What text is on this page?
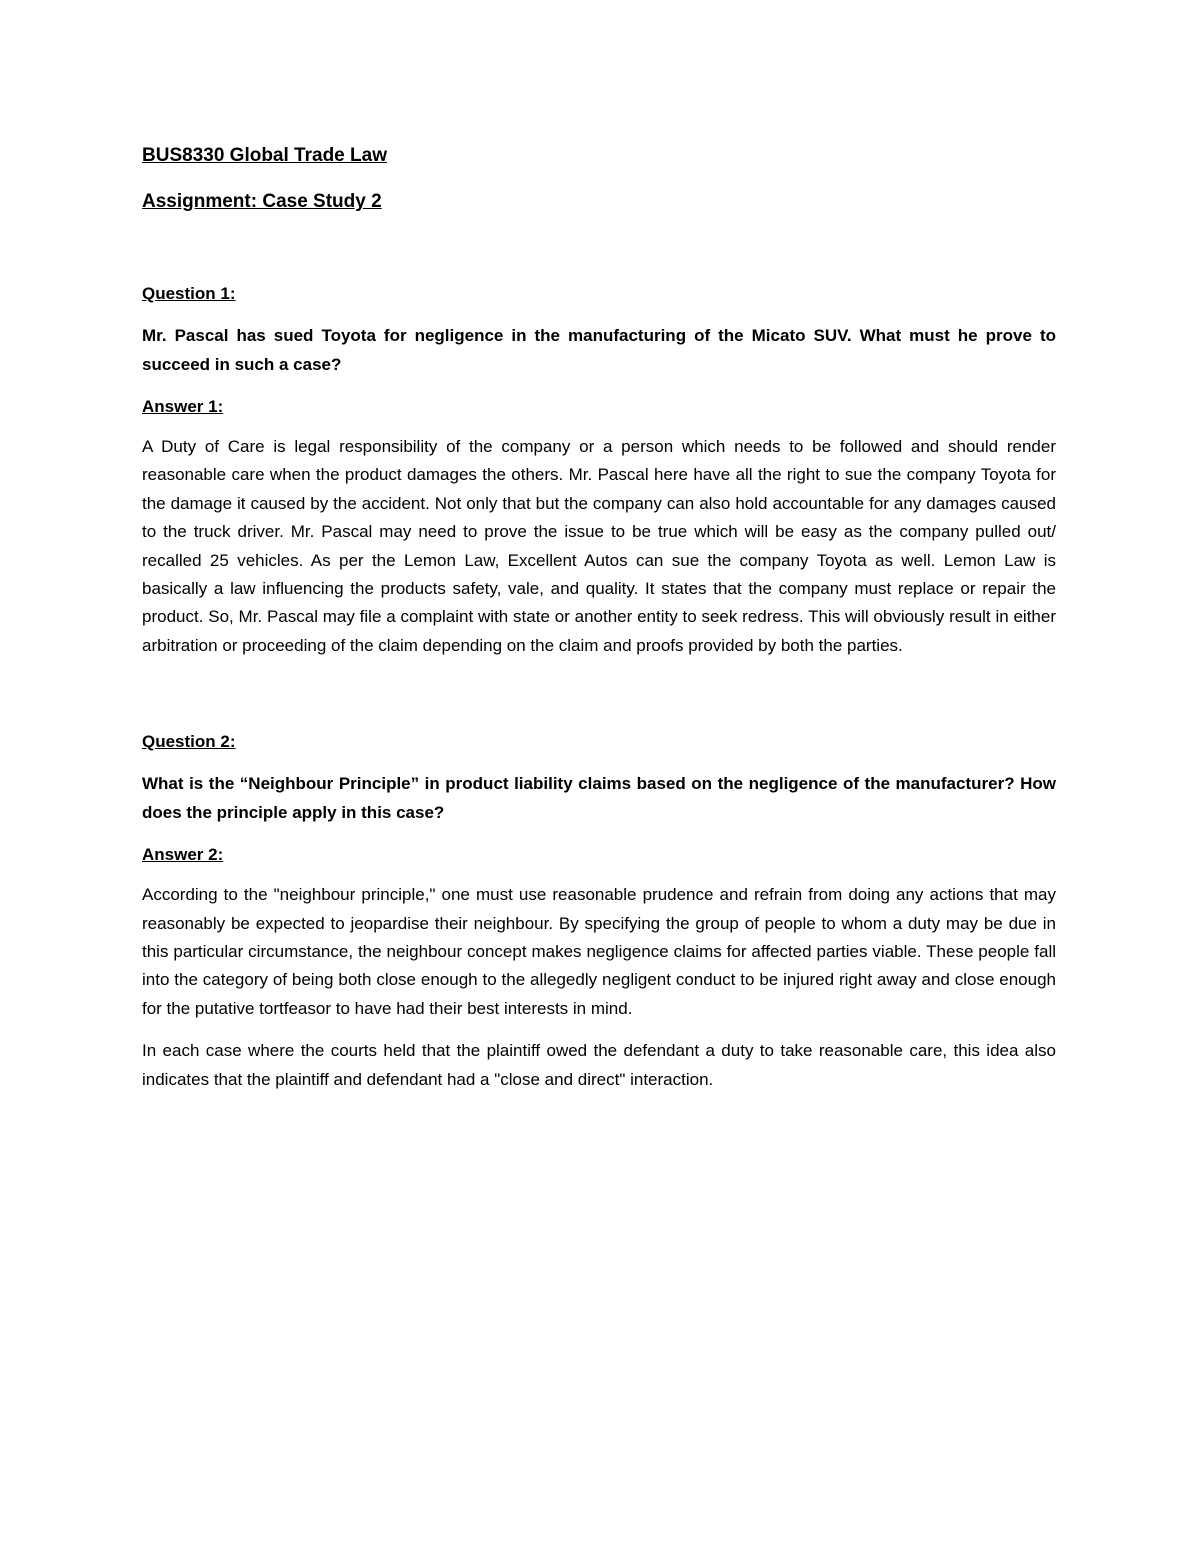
BUS8330 Global Trade Law

Assignment: Case Study 2

Question 1:

Mr. Pascal has sued Toyota for negligence in the manufacturing of the Micato SUV. What must he prove to succeed in such a case?

Answer 1:

A Duty of Care is legal responsibility of the company or a person which needs to be followed and should render reasonable care when the product damages the others. Mr. Pascal here have all the right to sue the company Toyota for the damage it caused by the accident. Not only that but the company can also hold accountable for any damages caused to the truck driver. Mr. Pascal may need to prove the issue to be true which will be easy as the company pulled out/ recalled 25 vehicles. As per the Lemon Law, Excellent Autos can sue the company Toyota as well. Lemon Law is basically a law influencing the products safety, vale, and quality. It states that the company must replace or repair the product. So, Mr. Pascal may file a complaint with state or another entity to seek redress. This will obviously result in either arbitration or proceeding of the claim depending on the claim and proofs provided by both the parties.

Question 2:

What is the “Neighbour Principle” in product liability claims based on the negligence of the manufacturer? How does the principle apply in this case?

Answer 2:

According to the "neighbour principle," one must use reasonable prudence and refrain from doing any actions that may reasonably be expected to jeopardise their neighbour. By specifying the group of people to whom a duty may be due in this particular circumstance, the neighbour concept makes negligence claims for affected parties viable. These people fall into the category of being both close enough to the allegedly negligent conduct to be injured right away and close enough for the putative tortfeasor to have had their best interests in mind.

In each case where the courts held that the plaintiff owed the defendant a duty to take reasonable care, this idea also indicates that the plaintiff and defendant had a "close and direct" interaction.
